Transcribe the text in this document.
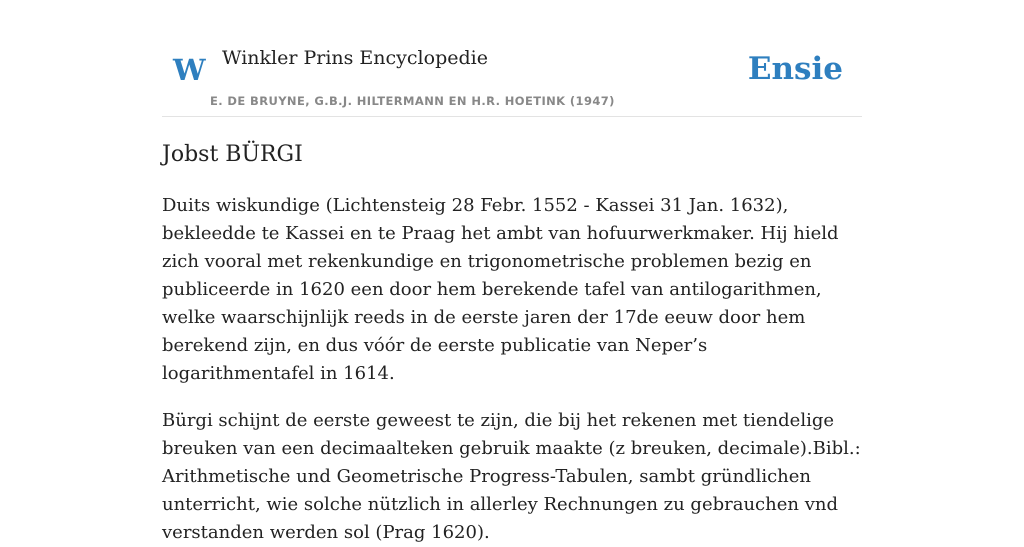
W Winkler Prins Encyclopedie
E. DE BRUYNE, G.B.J. HILTERMANN EN H.R. HOETINK (1947)
Ensie
Jobst BÜRGI

Duits wiskundige (Lichtensteig 28 Febr. 1552 - Kassei 31 Jan. 1632), bekleedde te Kassei en te Praag het ambt van hofuurwerkmaker. Hij hield zich vooral met rekenkundige en trigonometrische problemen bezig en publiceerde in 1620 een door hem berekende tafel van antilogarithmen, welke waarschijnlijk reeds in de eerste jaren der 17de eeuw door hem berekend zijn, en dus vóór de eerste publicatie van Neper’s logarithmentafel in 1614.

Bürgi schijnt de eerste geweest te zijn, die bij het rekenen met tiendelige breuken van een decimaalteken gebruik maakte (z breuken, decimale).Bibl.: Arithmetische und Geometrische Progress-Tabulen, sambt gründlichen unterricht, wie solche nützlich in allerley Rechnungen zu gebrauchen vnd verstanden werden sol (Prag 1620).
